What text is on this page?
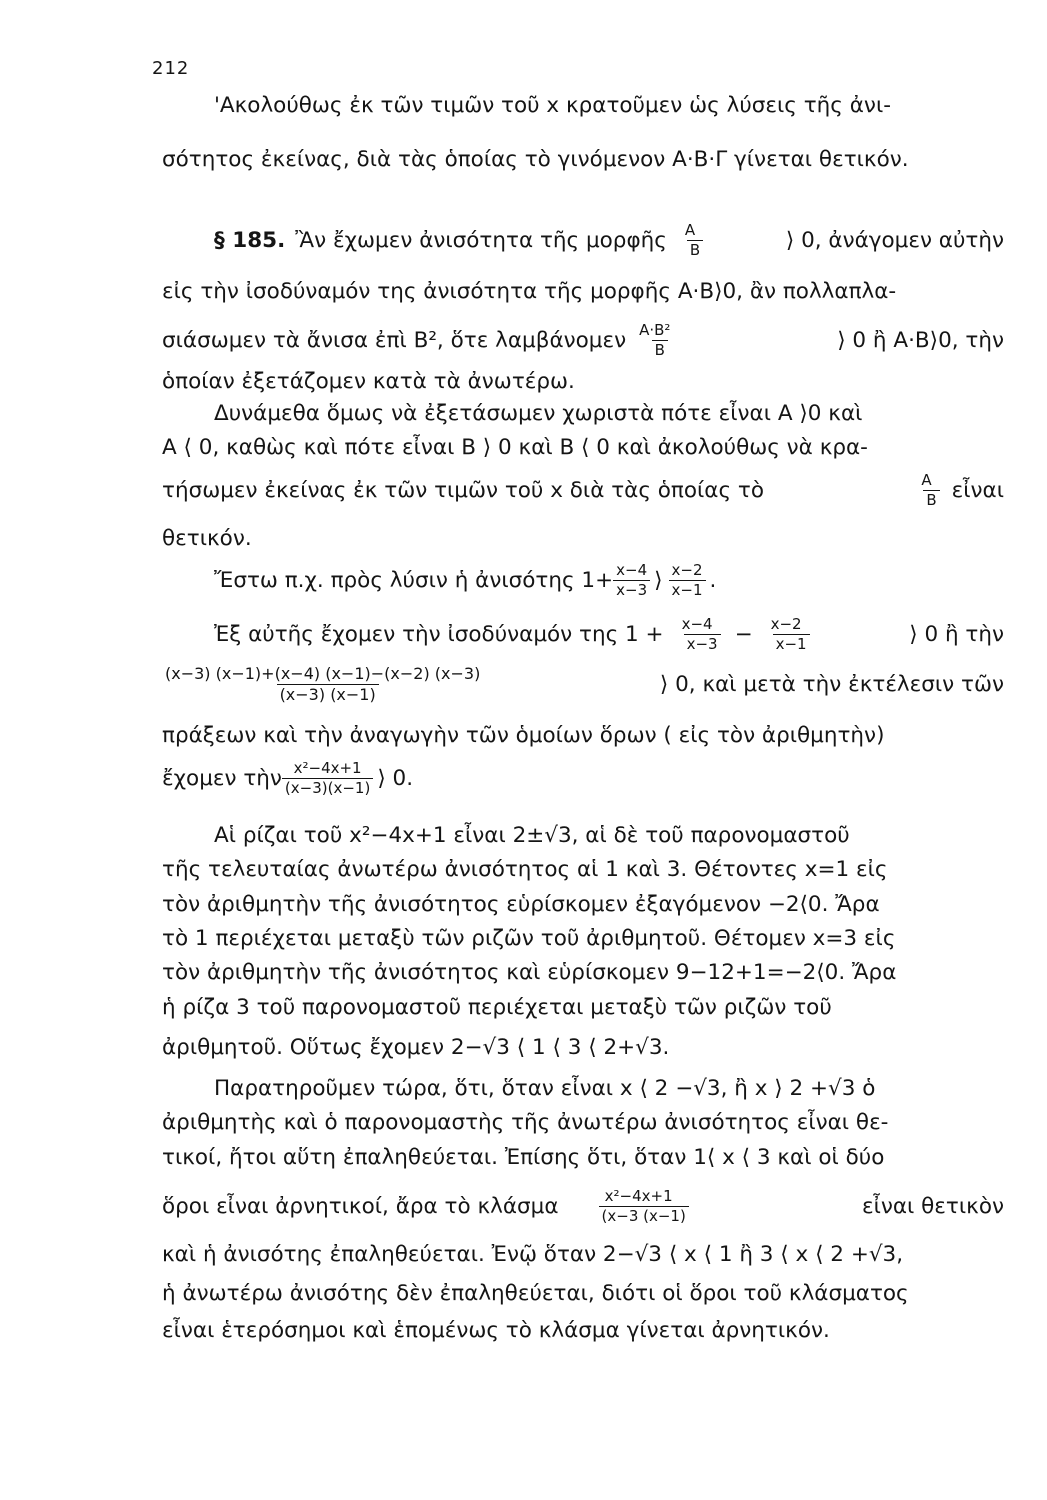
212
'Ακολούθως ἐκ τῶν τιμῶν τοῦ x κρατοῦμεν ὡς λύσεις τῆς ἀνι-
σότητος ἐκείνας, διὰ τὰς ὁποίας τὸ γινόμενον Α·Β·Γ γίνεται θετικόν.
§ 185. Ἂν ἔχωμεν ἀνισότητα τῆς μορφῆς $\frac{A}{B}$	⟩ 0, ἀνάγομεν αὐτὴν
εἰς τὴν ἰσοδύναμόν της ἀνισότητα τῆς μορφῆς Α·Β⟩0, ἂν πολλαπλα-
σιάσωμεν τὰ ἄνισα ἐπὶ Β², ὅτε λαμβάνομεν $\frac{\text{Α·Β²}}{B}$	⟩ 0 ἢ Α·Β⟩0, τὴν
ὁποίαν ἐξετάζομεν κατὰ τὰ ἀνωτέρω.
Δυνάμεθα ὅμως νὰ ἐξετάσωμεν χωριστὰ πότε εἶναι Α ⟩0 καὶ
Α ⟨ 0, καθὼς καὶ πότε εἶναι Β ⟩ 0 καὶ Β ⟨ 0 καὶ ἀκολούθως νὰ κρα-
τήσωμεν ἐκείνας ἐκ τῶν τιμῶν τοῦ x διὰ τὰς ὁποίας τὸ	$\frac{A}{B}$ εἶναι
θετικόν.
Ἔστω π.χ. πρὸς λύσιν ἡ ἀνισότης $1+ \frac{x-4}{x-3}$ ⟩ $\frac{x-2}{x-1}$ .
Ἐξ αὐτῆς ἔχομεν τὴν ἰσοδύναμόν της $1 + \frac{x-4}{x-3} - \frac{x-2}{x-1}$	⟩ 0 ἢ τὴν
$\frac{(x-3) (x-1)+(x-4) (x-1)-(x-2) (x-3)}{(x-3) (x-1)}$	⟩ 0, καὶ μετὰ τὴν ἐκτέλεσιν τῶν
πράξεων καὶ τὴν ἀναγωγὴν τῶν ὁμοίων ὅρων ( εἰς τὸν ἀριθμητὴν)
ἔχομεν τὴν $\frac{\text{x²−4x+1}}{(x-3)(x-1)}$ ⟩ 0.
Αἱ ρίζαι τοῦ x²−4x+1 εἶναι 2±√3, αἱ δὲ τοῦ παρονομαστοῦ
τῆς τελευταίας ἀνωτέρω ἀνισότητος αἱ 1 καὶ 3. Θέτοντες x=1 εἰς
τὸν ἀριθμητὴν τῆς ἀνισότητος εὑρίσκομεν ἐξαγόμενον −2⟨0. Ἄρα
τὸ 1 περιέχεται μεταξὺ τῶν ριζῶν τοῦ ἀριθμητοῦ. Θέτομεν x=3 εἰς
τὸν ἀριθμητὴν τῆς ἀνισότητος καὶ εὑρίσκομεν 9−12+1=−2⟨0. Ἄρα
ἡ ρίζα 3 τοῦ παρονομαστοῦ περιέχεται μεταξὺ τῶν ριζῶν τοῦ
ἀριθμητοῦ. Οὕτως ἔχομεν 2−√3 ⟨ 1 ⟨ 3 ⟨ 2+√3.
Παρατηροῦμεν τώρα, ὅτι, ὅταν εἶναι x ⟨ 2 −√3, ἢ x ⟩ 2 +√3 ὁ
ἀριθμητὴς καὶ ὁ παρονομαστὴς τῆς ἀνωτέρω ἀνισότητος εἶναι θε-
τικοί, ἤτοι αὕτη ἐπαληθεύεται. Ἐπίσης ὅτι, ὅταν 1⟨ x ⟨ 3 καὶ οἱ δύο
ὅροι εἶναι ἀρνητικοί, ἄρα τὸ κλάσμα $\frac{\text{x²−4x+1}}{(x-3 (x-1)}$	εἶναι θετικὸν
καὶ ἡ ἀνισότης ἐπαληθεύεται. Ἐνῷ ὅταν 2−√3 ⟨ x ⟨ 1 ἢ 3 ⟨ x ⟨ 2 +√3,
ἡ ἀνωτέρω ἀνισότης δὲν ἐπαληθεύεται, διότι οἱ ὅροι τοῦ κλάσματος
εἶναι ἑτερόσημοι καὶ ἑπομένως τὸ κλάσμα γίνεται ἀρνητικόν.
